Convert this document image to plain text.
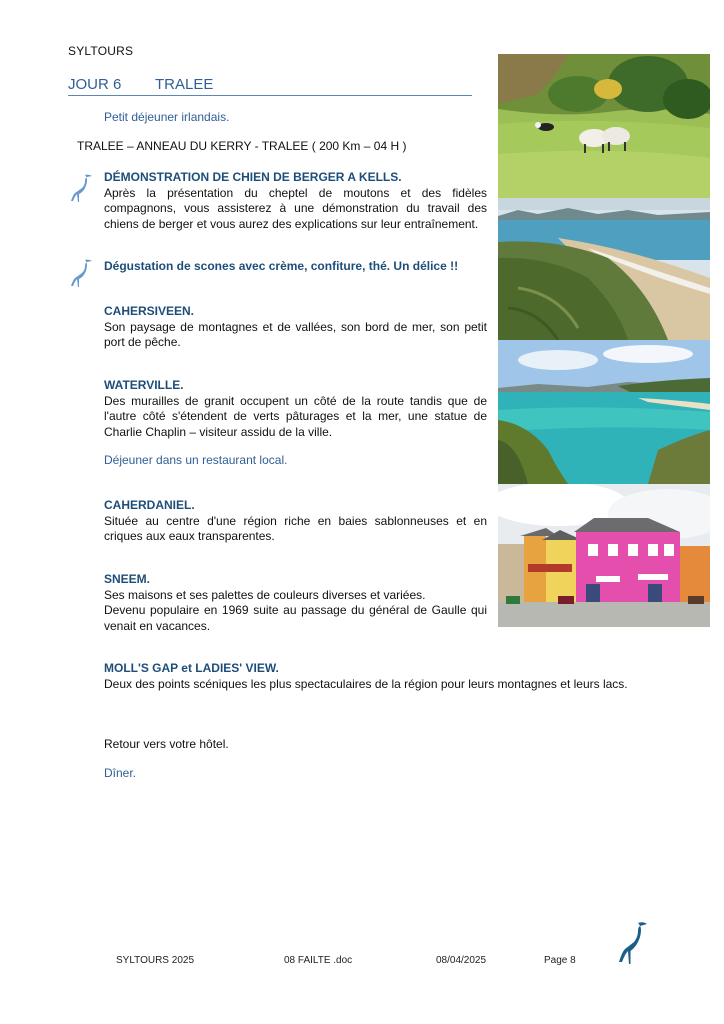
SYLTOURS
JOUR 6 TRALEE
Petit déjeuner irlandais.
TRALEE – ANNEAU DU KERRY - TRALEE ( 200 Km – 04 H )
DÉMONSTRATION DE CHIEN DE BERGER A KELLS.
Après la présentation du cheptel de moutons et des fidèles compagnons, vous assisterez à une démonstration du travail des chiens de berger et vous aurez des explications sur leur entraînement.
Dégustation de scones avec crème, confiture, thé. Un délice !!
CAHERSIVEEN.
Son paysage de montagnes et de vallées, son bord de mer, son petit port de pêche.
WATERVILLE.
Des murailles de granit occupent un côté de la route tandis que de l'autre côté s'étendent de verts pâturages et la mer, une statue de Charlie Chaplin – visiteur assidu de la ville.
Déjeuner dans un restaurant local.
CAHERDANIEL.
Située au centre d'une région riche en baies sablonneuses et en criques aux eaux transparentes.
SNEEM.
Ses maisons et ses palettes de couleurs diverses et variées.
Devenu populaire en 1969 suite au passage du général de Gaulle qui venait en vacances.
MOLL'S GAP et LADIES' VIEW.
Deux des points scéniques les plus spectaculaires de la région pour leurs montagnes et leurs lacs.
Retour vers votre hôtel.
Dîner.
SYLTOURS 2025	08 FAILTE .doc	08/04/2025	Page 8
